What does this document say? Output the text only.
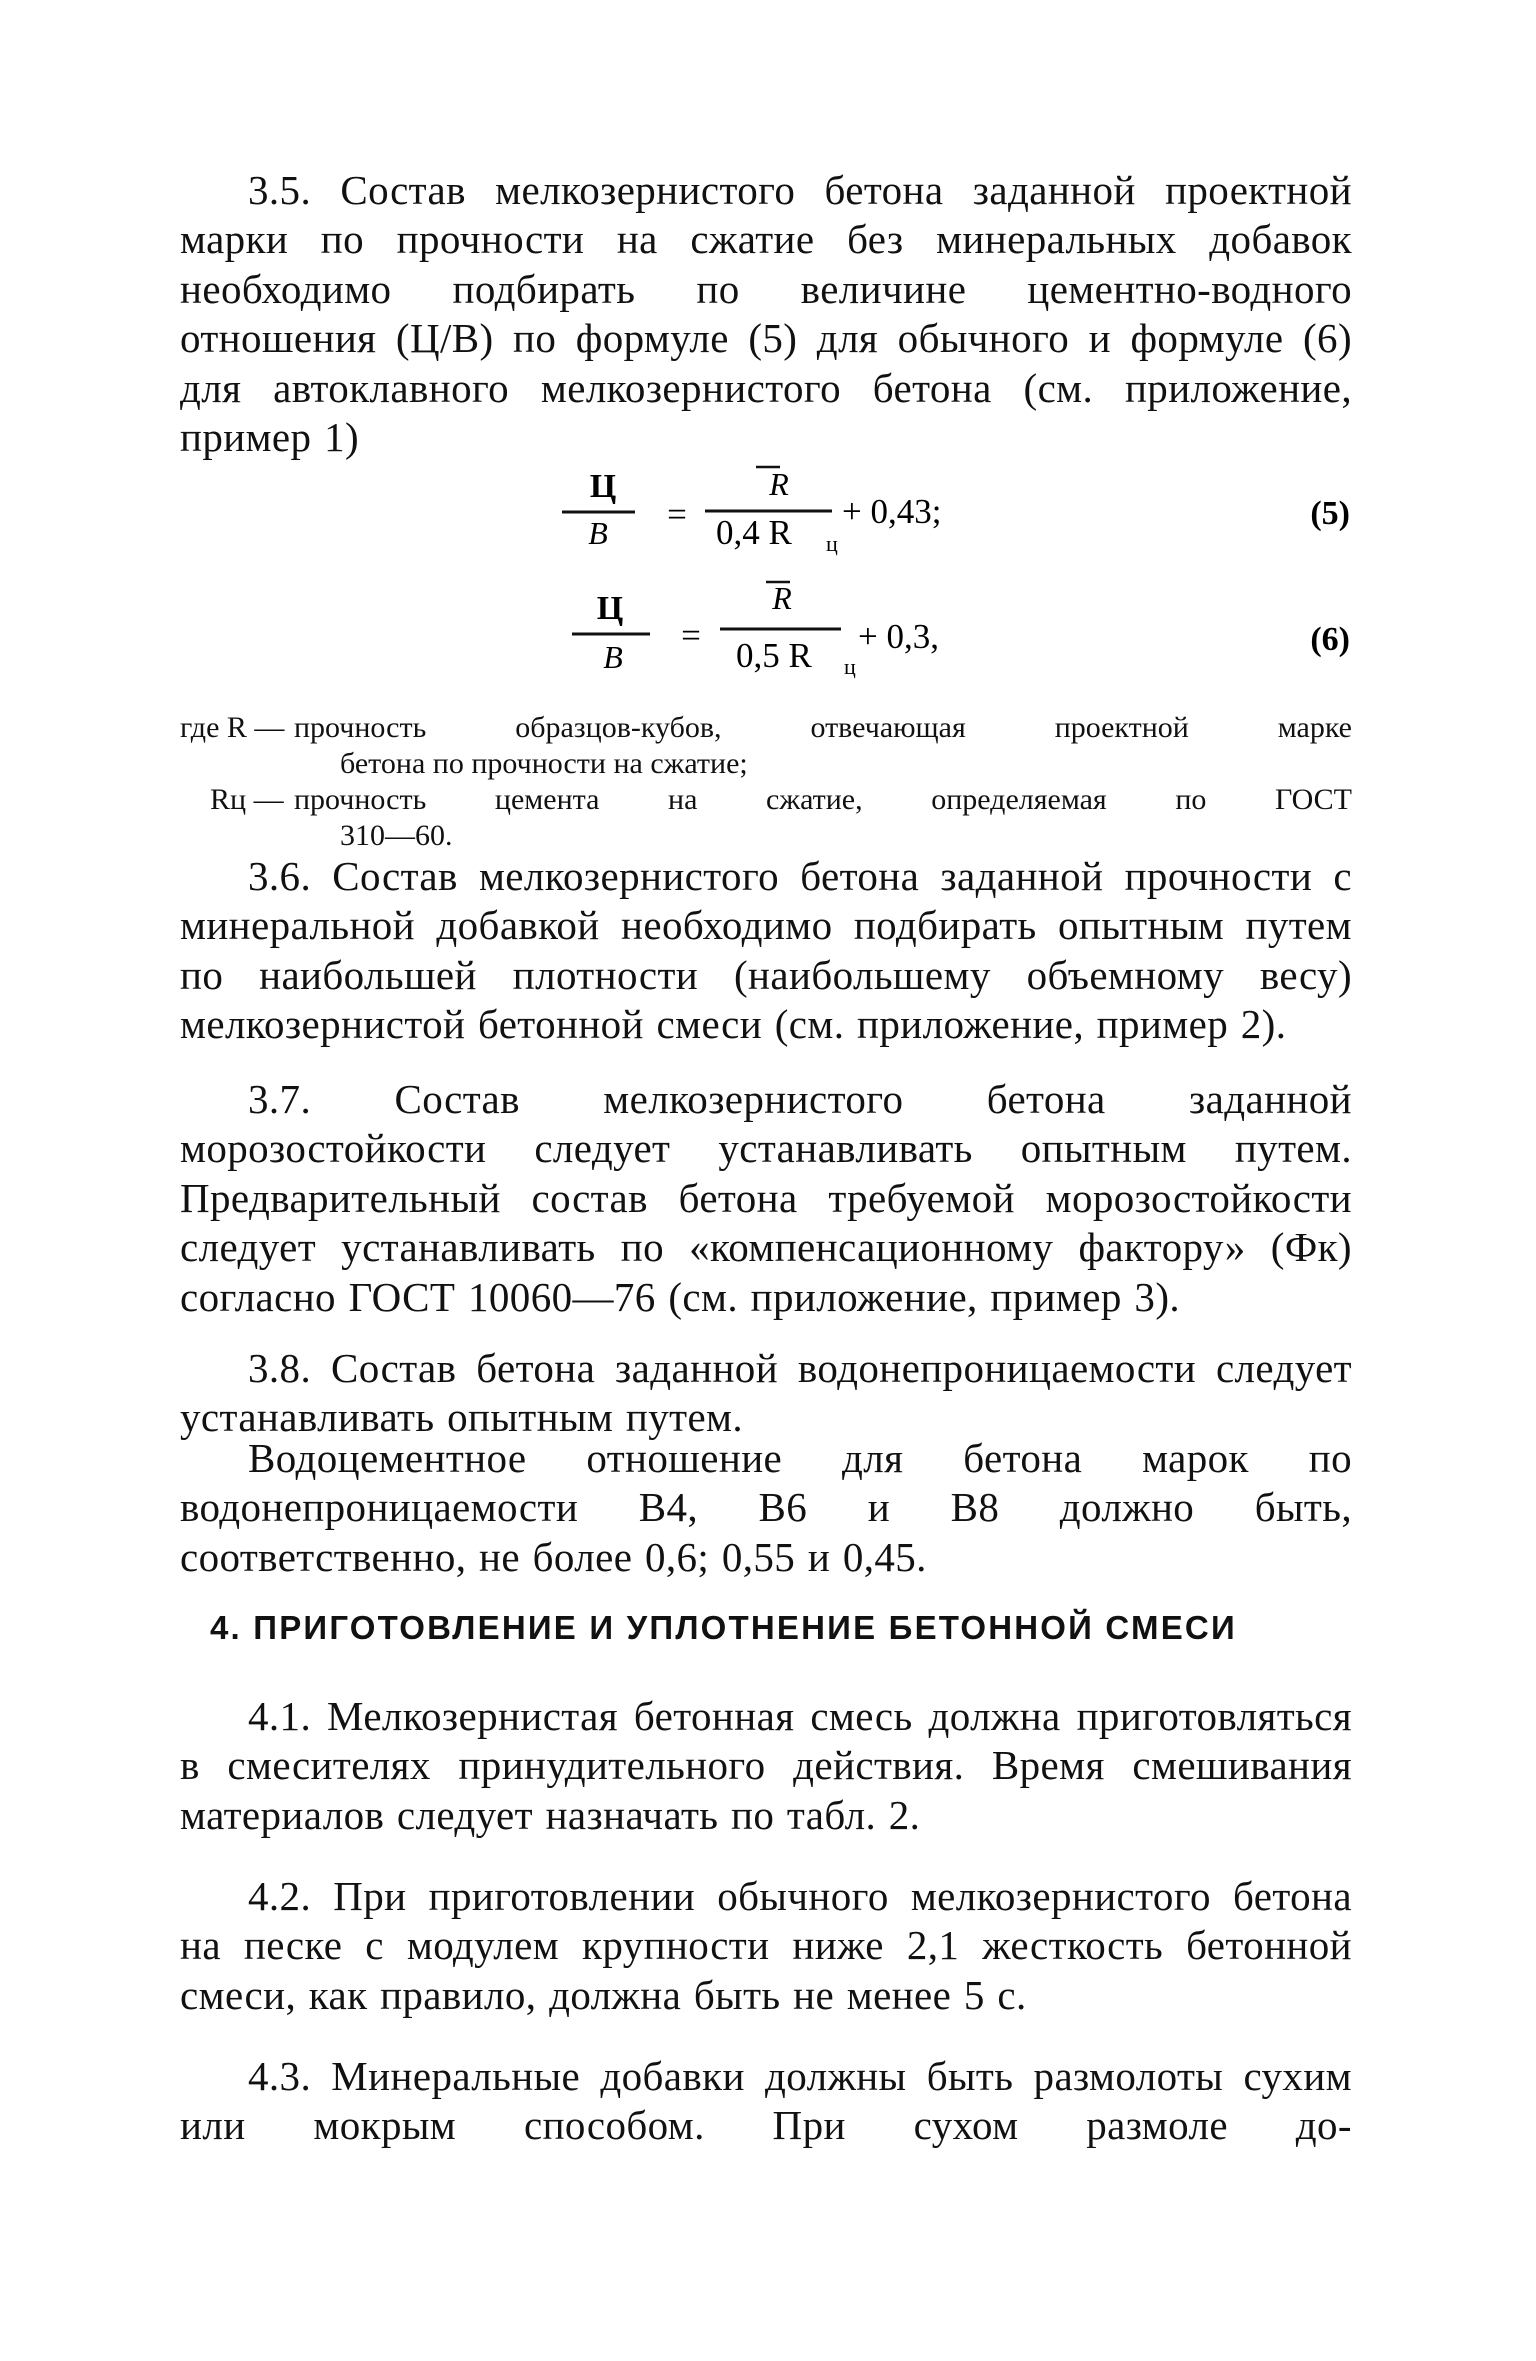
3.5. Состав мелкозернистого бетона заданной проектной марки по прочности на сжатие без минеральных добавок необходимо подбирать по величине цементно-водного отношения (Ц/В) по формуле (5) для обычного и формуле (6) для автоклавного мелкозернистого бетона (см. приложение, пример 1)

Ц
В =
R
0,4 R ц
+ 0,43;	(5)
Ц
В
=
R
0,5 R ц
+ 0,3,	(6)
где R — прочность образцов-кубов, отвечающая проектной марке
бетона по прочности на сжатие;
Rц — прочность цемента на сжатие, определяемая по ГОСТ
310—60.

3.6. Состав мелкозернистого бетона заданной прочности с минеральной добавкой необходимо подбирать опытным путем по наибольшей плотности (наибольшему объемному весу) мелкозернистой бетонной смеси (см. приложение, пример 2).

3.7. Состав мелкозернистого бетона заданной морозостойкости следует устанавливать опытным путем. Предварительный состав бетона требуемой морозостойкости следует устанавливать по «компенсационному фактору» (Фк) согласно ГОСТ 10060—76 (см. приложение, пример 3).

3.8. Состав бетона заданной водонепроницаемости следует устанавливать опытным путем.

Водоцементное отношение для бетона марок по водонепроницаемости В4, В6 и В8 должно быть, соответственно, не более 0,6; 0,55 и 0,45.

4. ПРИГОТОВЛЕНИЕ И УПЛОТНЕНИЕ БЕТОННОЙ СМЕСИ

4.1. Мелкозернистая бетонная смесь должна приготовляться в смесителях принудительного действия. Время смешивания материалов следует назначать по табл. 2.

4.2. При приготовлении обычного мелкозернистого бетона на песке с модулем крупности ниже 2,1 жесткость бетонной смеси, как правило, должна быть не менее 5 с.

4.3. Минеральные добавки должны быть размолоты сухим или мокрым способом. При сухом размоле до-
